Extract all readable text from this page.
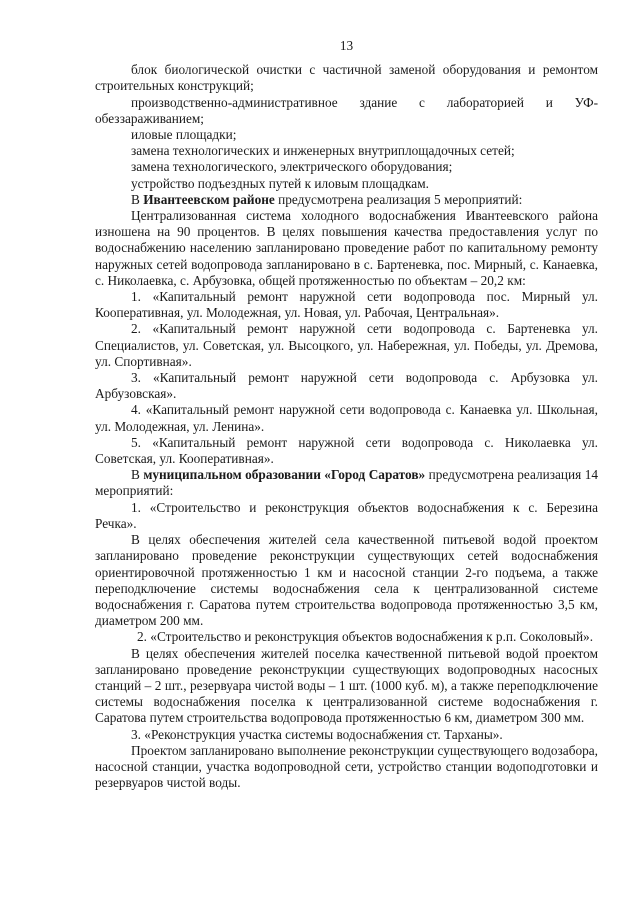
13

блок биологической очистки с частичной заменой оборудования и ремонтом строительных конструкций;

производственно-административное здание с лабораторией и УФ-обеззараживанием;

иловые площадки;

замена технологических и инженерных внутриплощадочных сетей;

замена технологического, электрического оборудования;

устройство подъездных путей к иловым площадкам.

В Ивантеевском районе предусмотрена реализация 5 мероприятий:

Централизованная система холодного водоснабжения Ивантеевского района изношена на 90 процентов. В целях повышения качества предоставления услуг по водоснабжению населению запланировано проведение работ по капитальному ремонту наружных сетей водопровода запланировано в с. Бартеневка, пос. Мирный, с. Канаевка, с. Николаевка, с. Арбузовка, общей протяженностью по объектам – 20,2 км:

1. «Капитальный ремонт наружной сети водопровода пос. Мирный ул. Кооперативная, ул. Молодежная, ул. Новая, ул. Рабочая, Центральная».

2. «Капитальный ремонт наружной сети водопровода с. Бартеневка ул. Специалистов, ул. Советская, ул. Высоцкого, ул. Набережная, ул. Победы, ул. Дремова, ул. Спортивная».

3. «Капитальный ремонт наружной сети водопровода с. Арбузовка ул. Арбузовская».

4. «Капитальный ремонт наружной сети водопровода с. Канаевка ул. Школьная, ул. Молодежная, ул. Ленина».

5. «Капитальный ремонт наружной сети водопровода с. Николаевка ул. Советская, ул. Кооперативная».

В муниципальном образовании «Город Саратов» предусмотрена реализация 14 мероприятий:

1. «Строительство и реконструкция объектов водоснабжения к с. Березина Речка».

В целях обеспечения жителей села качественной питьевой водой проектом запланировано проведение реконструкции существующих сетей водоснабжения ориентировочной протяженностью 1 км и насосной станции 2-го подъема, а также переподключение системы водоснабжения села к централизованной системе водоснабжения г. Саратова путем строительства водопровода протяженностью 3,5 км, диаметром 200 мм.

2. «Строительство и реконструкция объектов водоснабжения к р.п. Соколовый».

В целях обеспечения жителей поселка качественной питьевой водой проектом запланировано проведение реконструкции существующих водопроводных насосных станций – 2 шт., резервуара чистой воды – 1 шт. (1000 куб. м), а также переподключение системы водоснабжения поселка к централизованной системе водоснабжения г. Саратова путем строительства водопровода протяженностью 6 км, диаметром 300 мм.

3. «Реконструкция участка системы водоснабжения ст. Тарханы».

Проектом запланировано выполнение реконструкции существующего водозабора, насосной станции, участка водопроводной сети, устройство станции водоподготовки и резервуаров чистой воды.
